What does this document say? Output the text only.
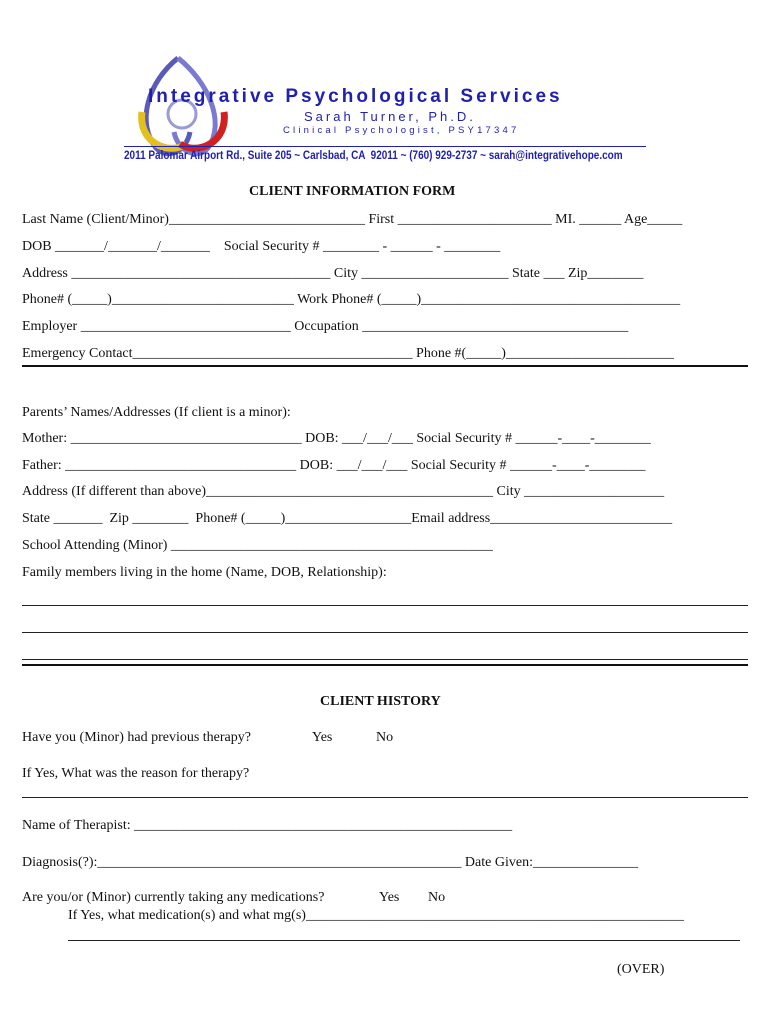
Integrative Psychological Services
Sarah Turner, Ph.D.
Clinical Psychologist, PSY17347
2011 Palomar Airport Rd., Suite 205 ~ Carlsbad, CA  92011 ~ (760) 929-2737 ~ sarah@integrativehope.com
CLIENT INFORMATION FORM
Last Name (Client/Minor)____________________________ First ______________________ MI. ______ Age_____
DOB _______/_______/_______    Social Security # ________ - ______ - ________
Address _____________________________________ City _____________________ State ___ Zip________
Phone# (_____)__________________________ Work Phone# (_____)_____________________________________
Employer ______________________________ Occupation ______________________________________
Emergency Contact________________________________________ Phone #(_____)________________________
Parents’ Names/Addresses (If client is a minor):
Mother: _________________________________ DOB: ___/___/___ Social Security # ______-____-________
Father: _________________________________ DOB: ___/___/___ Social Security # ______-____-________
Address (If different than above)_________________________________________ City ____________________
State _______  Zip ________  Phone# (_____)__________________Email address__________________________
School Attending (Minor) ______________________________________________
Family members living in the home (Name, DOB, Relationship):
CLIENT HISTORY
Have you (Minor) had previous therapy?	Yes	No
If Yes, What was the reason for therapy?
Name of Therapist: ______________________________________________________
Diagnosis(?):____________________________________________________ Date Given:_______________
Are you/or (Minor) currently taking any medications?	Yes No
If Yes, what medication(s) and what mg(s)______________________________________________________
(OVER)
